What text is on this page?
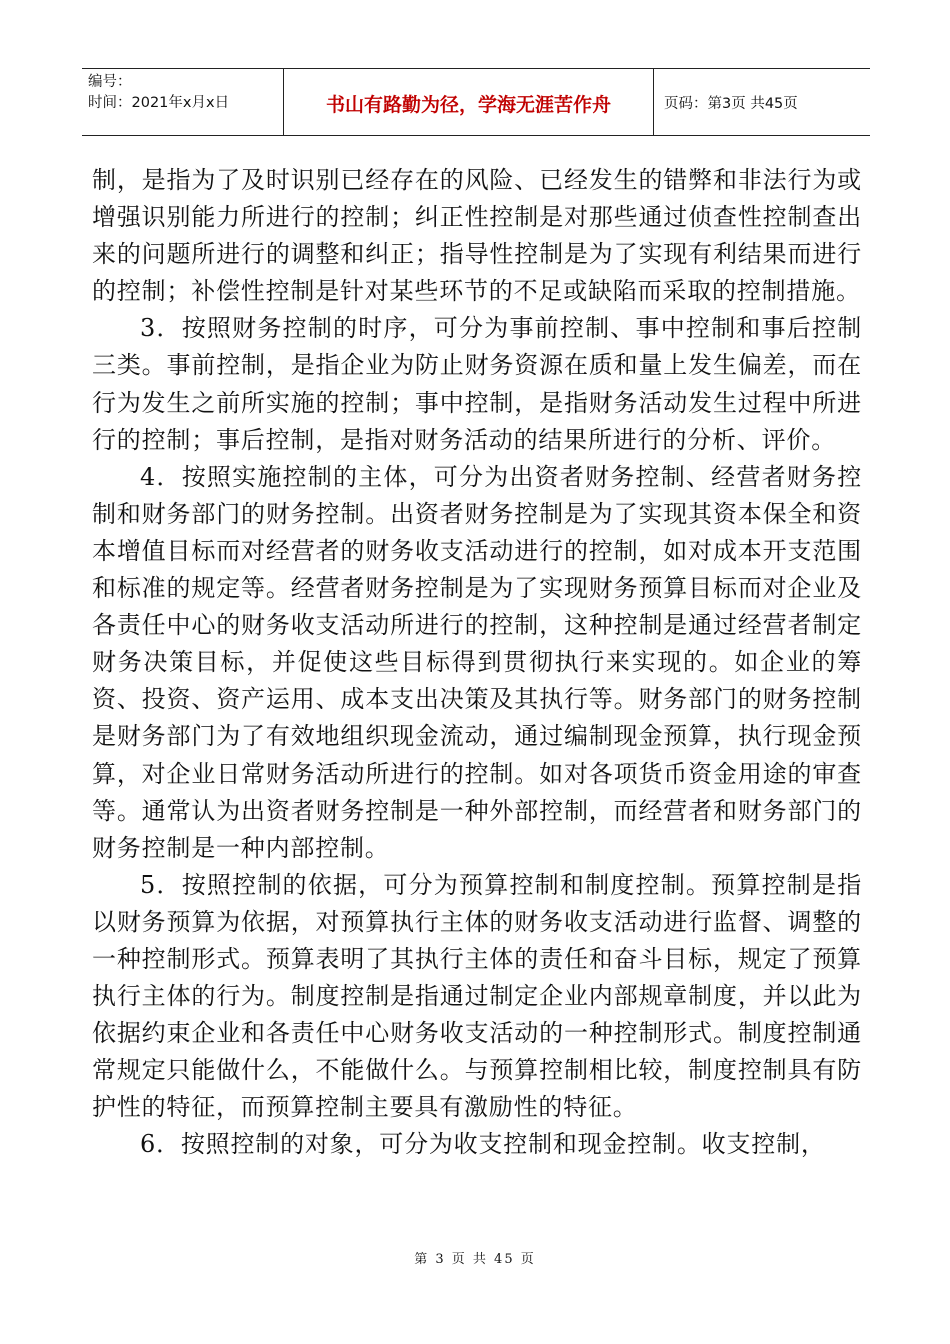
编号：
时间：2021年x月x日	书山有路勤为径，学海无涯苦作舟	页码：第3页 共45页

制，是指为了及时识别已经存在的风险、已经发生的错弊和非法行为或增强识别能力所进行的控制；纠正性控制是对那些通过侦查性控制查出来的问题所进行的调整和纠正；指导性控制是为了实现有利结果而进行的控制；补偿性控制是针对某些环节的不足或缺陷而采取的控制措施。

3．按照财务控制的时序，可分为事前控制、事中控制和事后控制三类。事前控制，是指企业为防止财务资源在质和量上发生偏差，而在行为发生之前所实施的控制；事中控制，是指财务活动发生过程中所进行的控制；事后控制，是指对财务活动的结果所进行的分析、评价。

4．按照实施控制的主体，可分为出资者财务控制、经营者财务控制和财务部门的财务控制。出资者财务控制是为了实现其资本保全和资本增值目标而对经营者的财务收支活动进行的控制，如对成本开支范围和标准的规定等。经营者财务控制是为了实现财务预算目标而对企业及各责任中心的财务收支活动所进行的控制，这种控制是通过经营者制定财务决策目标，并促使这些目标得到贯彻执行来实现的。如企业的筹资、投资、资产运用、成本支出决策及其执行等。财务部门的财务控制是财务部门为了有效地组织现金流动，通过编制现金预算，执行现金预算，对企业日常财务活动所进行的控制。如对各项货币资金用途的审查等。通常认为出资者财务控制是一种外部控制，而经营者和财务部门的财务控制是一种内部控制。

5．按照控制的依据，可分为预算控制和制度控制。预算控制是指以财务预算为依据，对预算执行主体的财务收支活动进行监督、调整的一种控制形式。预算表明了其执行主体的责任和奋斗目标，规定了预算执行主体的行为。制度控制是指通过制定企业内部规章制度，并以此为依据约束企业和各责任中心财务收支活动的一种控制形式。制度控制通常规定只能做什么，不能做什么。与预算控制相比较，制度控制具有防护性的特征，而预算控制主要具有激励性的特征。

6．按照控制的对象，可分为收支控制和现金控制。收支控制，

第 3 页 共 45 页
